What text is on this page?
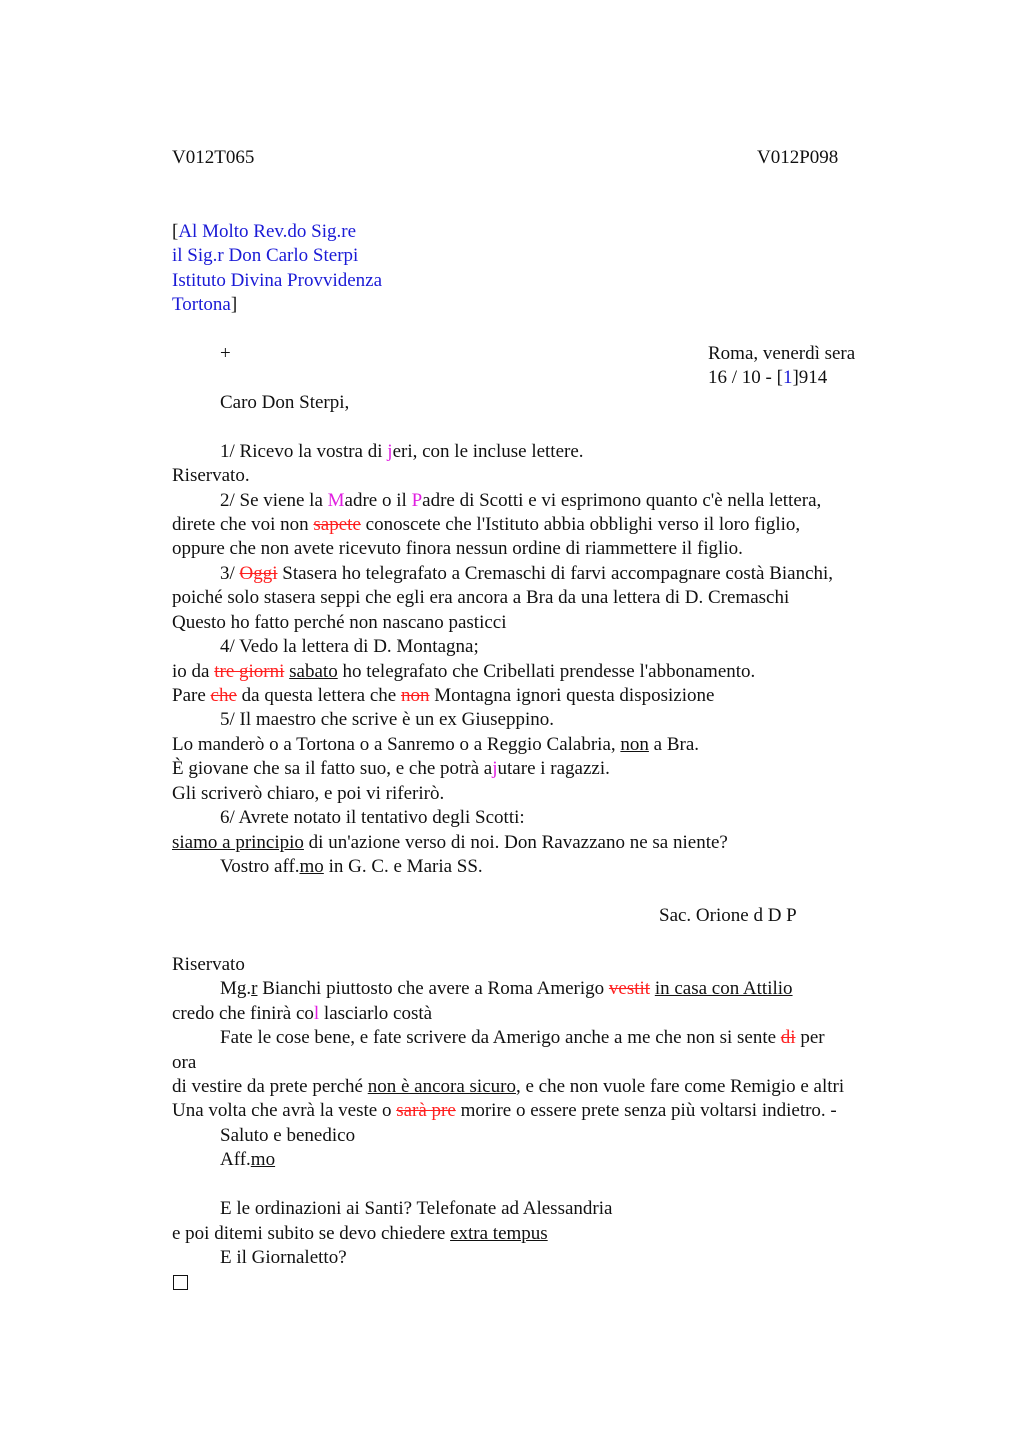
V012T065	V012P098
[Al Molto Rev.do Sig.re
il Sig.r Don Carlo Sterpi
Istituto Divina Provvidenza
Tortona]
+	Roma, venerdì sera
16 / 10 - [1]914
Caro Don Sterpi,
1/ Ricevo la vostra di jeri, con le incluse lettere.
Riservato.
2/ Se viene la Madre o il Padre di Scotti e vi esprimono quanto c'è nella lettera,
direte che voi non sapete conoscete che l'Istituto abbia obblighi verso il loro figlio,
oppure che non avete ricevuto finora nessun ordine di riammettere il figlio.
3/ Oggi Stasera ho telegrafato a Cremaschi di farvi accompagnare costà Bianchi,
poiché solo stasera seppi che egli era ancora a Bra da una lettera di D. Cremaschi
Questo ho fatto perché non nascano pasticci
4/ Vedo la lettera di D. Montagna;
io da tre giorni sabato ho telegrafato che Cribellati prendesse l'abbonamento.
Pare che da questa lettera che non Montagna ignori questa disposizione
5/ Il maestro che scrive è un ex Giuseppino.
Lo manderò o a Tortona o a Sanremo o a Reggio Calabria, non a Bra.
È giovane che sa il fatto suo, e che potrà ajutare i ragazzi.
Gli scriverò chiaro, e poi vi riferirò.
6/ Avrete notato il tentativo degli Scotti:
siamo a principio di un'azione verso di noi. Don Ravazzano ne sa niente?
Vostro aff.mo in G. C. e Maria SS.
Sac. Orione d D P
Riservato
Mg.r Bianchi piuttosto che avere a Roma Amerigo vestit in casa con Attilio
credo che finirà col lasciarlo costà
Fate le cose bene, e fate scrivere da Amerigo anche a me che non si sente di per
ora
di vestire da prete perché non è ancora sicuro, e che non vuole fare come Remigio e altri
Una volta che avrà la veste o sarà pre morire o essere prete senza più voltarsi indietro. -
Saluto e benedico
Aff.mo
E le ordinazioni ai Santi? Telefonate ad Alessandria
e poi ditemi subito se devo chiedere extra tempus
E il Giornaletto?
